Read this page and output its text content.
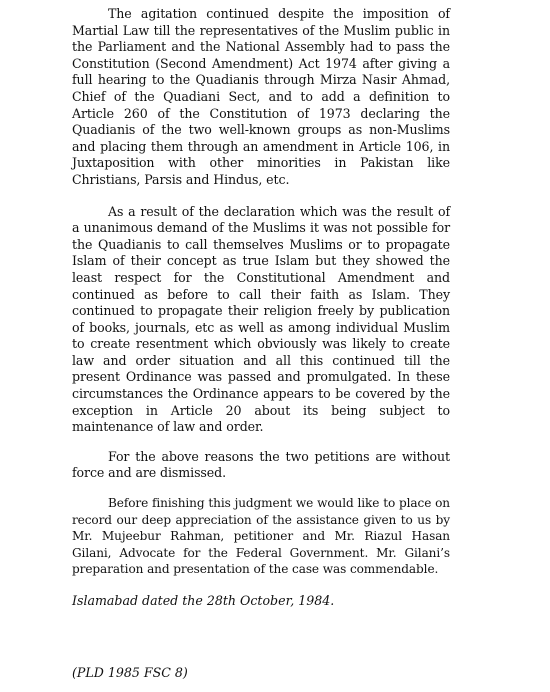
The agitation continued despite the imposition of Martial Law till the representatives of the Muslim public in the Parliament and the National Assembly had to pass the Constitution (Second Amendment) Act 1974 after giving a full hearing to the Quadianis through Mirza Nasir Ahmad, Chief of the Quadiani Sect, and to add a definition to Article 260 of the Constitution of 1973 declaring the Quadianis of the two well-known groups as non-Muslims and placing them through an amendment in Article 106, in Juxtaposition with other minorities in Pakistan like Christians, Parsis and Hindus, etc.

As a result of the declaration which was the result of a unanimous demand of the Muslims it was not possible for the Quadianis to call themselves Muslims or to propagate Islam of their concept as true Islam but they showed the least respect for the Constitutional Amendment and continued as before to call their faith as Islam. They continued to propagate their religion freely by publication of books, journals, etc as well as among individual Muslim to create resentment which obviously was likely to create law and order situation and all this continued till the present Ordinance was passed and promulgated. In these circumstances the Ordinance appears to be covered by the exception in Article 20 about its being subject to maintenance of law and order.

For the above reasons the two petitions are without force and are dismissed.

Before finishing this judgment we would like to place on record our deep appreciation of the assistance given to us by Mr. Mujeebur Rahman, petitioner and Mr. Riazul Hasan Gilani, Advocate for the Federal Government. Mr. Gilani’s preparation and presentation of the case was commendable.

Islamabad dated the 28th October, 1984.

(PLD 1985 FSC 8)
